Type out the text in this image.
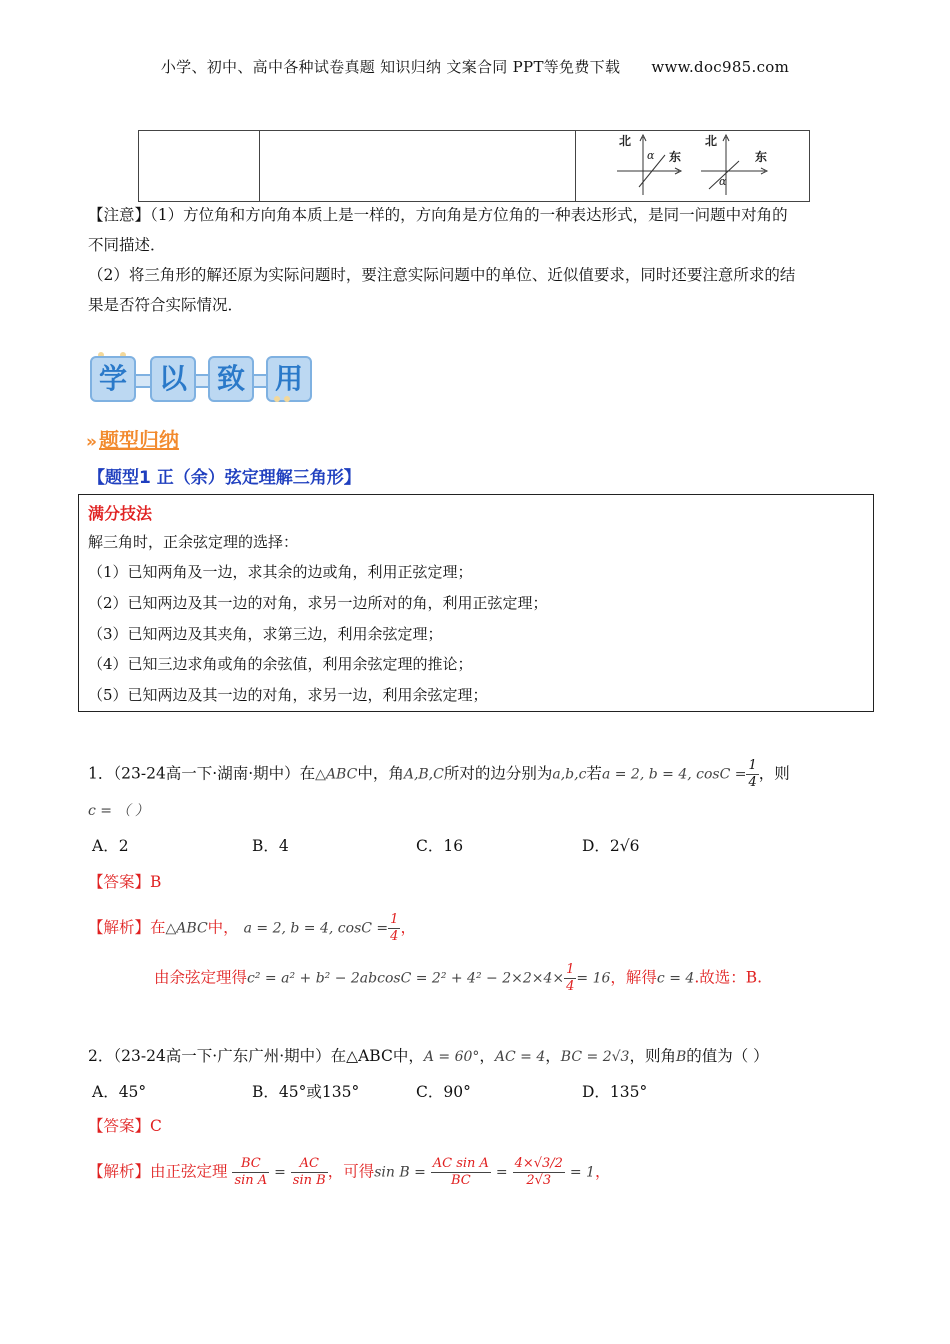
小学、初中、高中各种试卷真题 知识归纳 文案合同 PPT等免费下载 www.doc985.com
北
东
α
北
东
α
【注意】（1）方位角和方向角本质上是一样的，方向角是方位角的一种表达形式，是同一问题中对角的
不同描述．
（2）将三角形的解还原为实际问题时，要注意实际问题中的单位、近似值要求，同时还要注意所求的结
果是否符合实际情况．
学	以	致	用
» 题型归纳
【题型1 正（余）弦定理解三角形】
满分技法
解三角时，正余弦定理的选择：
（1）已知两角及一边，求其余的边或角，利用正弦定理；
（2）已知两边及其一边的对角，求另一边所对的角，利用正弦定理；
（3）已知两边及其夹角，求第三边，利用余弦定理；
（4）已知三边求角或角的余弦值，利用余弦定理的推论；
（5）已知两边及其一边的对角，求另一边，利用余弦定理；
1．（23-24高一下·湖南·期中）在△ABC中，角A,B,C所对的边分别为a,b,c若a = 2, b = 4, $\cos C = \frac{1}{4}$ ，则
c = （ ）
A．2	B．4	C．16	D．2√6
【答案】B
【解析】在△ABC中， a = 2, b = 4, $\cos C = \frac{1}{4}$ ，
由余弦定理得$c^2 = a^2 + b^2 - 2abcosC = 2^2 + 4^2 - 2\times 2\times 4\times \frac{1}{4} = 16$，解得c = 4.故选：B.
2．（23-24高一下·广东广州·期中）在△ABC中，A = 60°，AC = 4，BC = 2√3，则角B的值为（ ）
A．45°	B．45°或135°	C．90°	D．135°
【答案】C
【解析】由正弦定理 $\frac{BC}{\text{sin A}} = \frac{AC}{\text{sin B}}$ ，可得$\sin B = \frac{\text{AC sin A}}{BC} = \frac{4\times√3/2}{2√3} = 1$，
